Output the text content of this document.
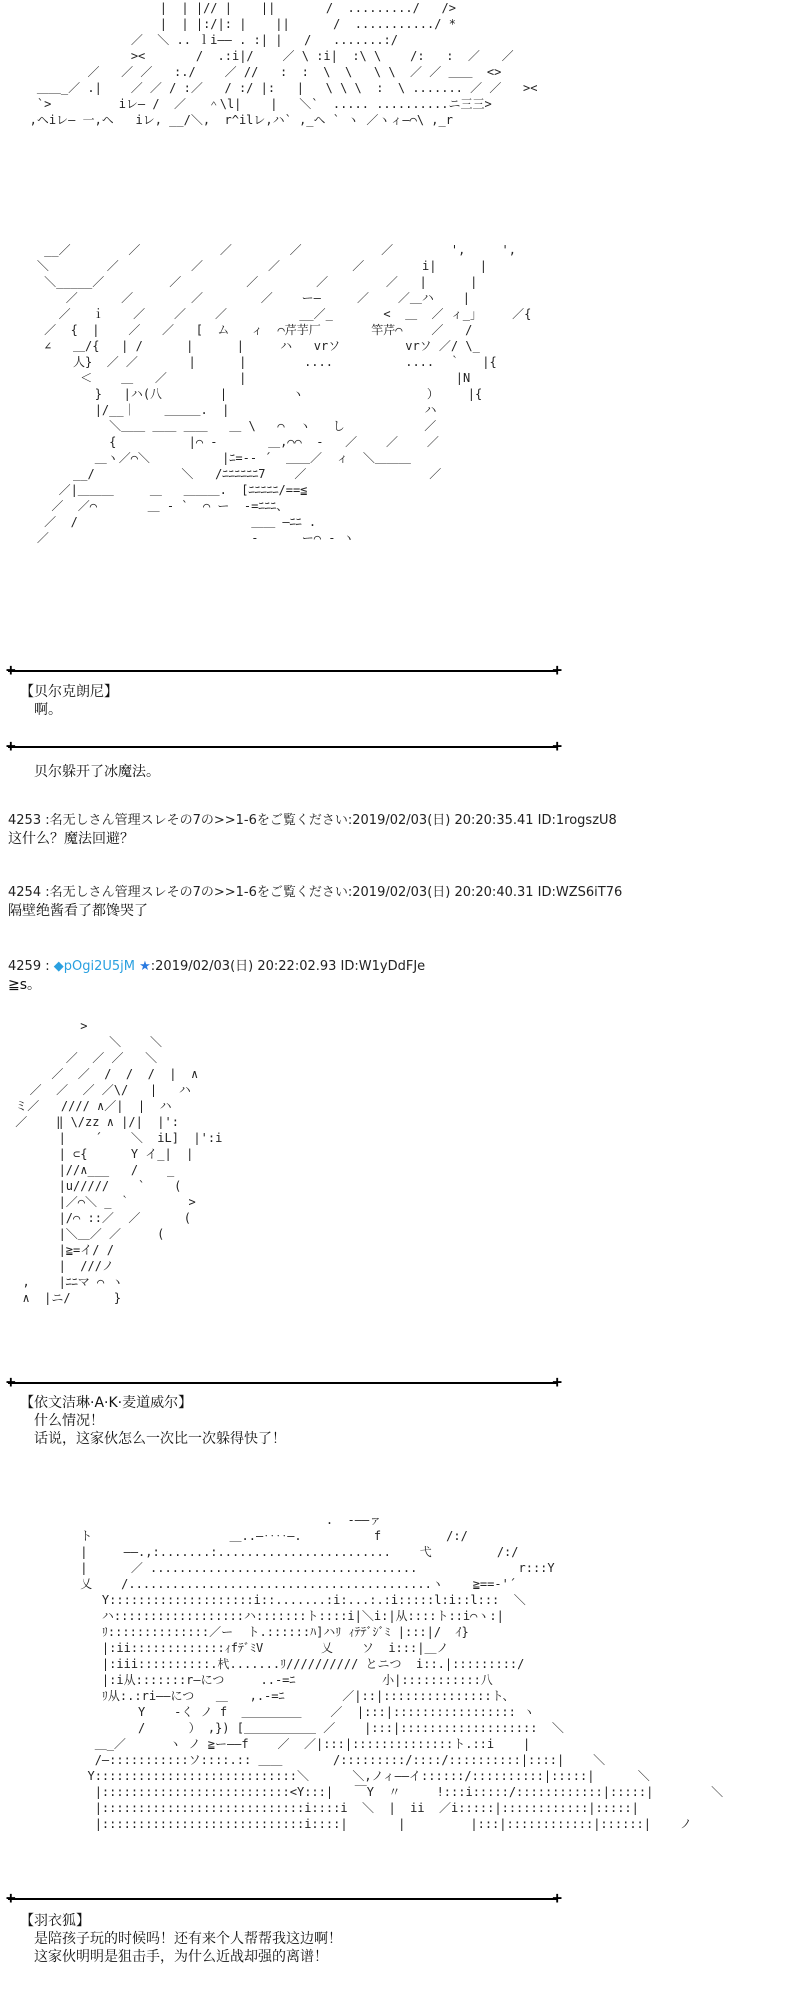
|  | |// |    ||       /  ........./   />
|  | |:/|: |    ||      /  .........../ *
／  ＼ .. ｌi―― . :| |   /   .......:/
><       /  .:i|/    ／ \ :i|  :\ \    /:   :  ／   ／
／   ／ ／   :./    ／ //   :  :  \  \   \ \  ／ ／ ＿＿  <>
＿＿_／ .|    ／ ／ / :／   / :/ |:   |   \ \ \  :  \ ....... ／ ／   ><
`> 　     　iレ― /  ／   ＾\l|    |   ＼`  ..... ..........ニ三三>
,ヘiレ― 一,ヘ   iレ, __/＼,  r^ilレ,ハ` ,_ヘ ` ヽ ／ヽィ―⌒\ ,_r

__／        ／           ／        ／           ／        ',     ',
＼        ／          ／         ／          ／        i|      |
＼_____／         ／         ／        ／        ／   |      |
／      ／        ／        ／    ー―     ／    ／＿ハ    |
／   ｉ    ／    ／    ／          __／_       <  ＿  ／ ィ_｣     ／{
／  {  |    ／   ／   [  ム   ィ  ⌒芹芋厂       竿芹⌒    ／   /
∠   ＿/{   | /      |      |     ハ   vrソ         vrソ ／/ \_
人}  ／ ／       |      |        ....          ....  ｀   |{
＜    ＿   ／          |                             |N
}   |ハ(八        |         ヽ                 ）    |{
|/__｜    ＿＿＿.  |                           ハ
＼＿＿ ＿＿ ＿＿   ＿ \   ⌒  ヽ   し           ／
{          |⌒ ‐       ＿,⌒⌒  ‐   ／    ／    ／
＿ヽ／⌒＼          |ﾆ=-‐ ´  ＿＿／  ィ  ＼＿＿＿
__/            ＼   /ﾆﾆﾆﾆﾆﾆ7    ／                 ／
／|＿＿＿     ＿   ＿＿＿.  [ﾆﾆﾆﾆﾆ/==≦
／  ／⌒       ＿ ‐ `  ⌒ ー  -=ﾆﾆﾆ、
／  /                        ＿＿ ―ﾆﾆ .
／                            -      ー⌒ ‐ ヽ
+	+
【贝尔克朗尼】
啊。
+	+
贝尔躲开了冰魔法。
4253 :名无しさん管理スレその7の>>1-6をご覧ください:2019/02/03(日) 20:20:35.41 ID:1rogszU8
这什么？魔法回避？
4254 :名无しさん管理スレその7の>>1-6をご覧ください:2019/02/03(日) 20:20:40.31 ID:WZS6iT76
隔壁绝酱看了都馋哭了
4259 : ◆pOgi2U5jM ★:2019/02/03(日) 20:22:02.93 ID:W1yDdFJe
≧s。
>
＼    ＼
／  ／ ／   ＼
／  ／  /  /  /  |  ∧
／  ／  ／ ／\/   |   ハ
ミ／   //// ∧／|  |  ハ
／    ‖ \/zz ∧ |/|  |':
|    ´    ＼  iL]  |':i
| ⊂{      Y イ_|  |
|//∧___   /    _
|u/////    `    (
|／⌒＼ _ ｀        >
|/⌒ ::／  ／      (
|＼＿／ ／     (
|≧=イ/ /
|  ///ノ
,    |ﾆﾆマ ⌒ ヽ
∧  |ニ/      }
+	+
【依文洁琳·A·K·麦道威尔】
什么情况！
话说，这家伙怎么一次比一次躲得快了！

.  -――ァ
ト                   ＿..―‥‥―.          f         /:/
|     ――.,:.......:........................    弋         /:/
|      ／ .....................................              r:::Y
乂    /..........................................ヽ    ≧==-'´
Y::::::::::::::::::::i::.......:i:...:.:i:::::l:i::l:::  ＼
ハ::::::::::::::::::ハ:::::::ト::::i|＼i:|从::::ト::i⌒ヽ:|
ﾘ::::::::::::::／ー  ト.::::::ﾊ]ハﾘ ｨﾃﾃﾞｼﾞﾐ |:::|/  ｲ}
|:ii:::::::::::::ｨfﾃﾞﾐV        乂    ソ  i:::|＿ノ
|:iii::::::::::.杙.......ﾘ////////// とニつ  i::.|:::::::::/
|:i从:::::::r―につ     ..-=ﾆ            小|:::::::::::八
ﾘ从:.:ri――につ   ＿   ,.-=ﾆ        ／|::|:::::::::::::::ト、
Y    -く ノ f  ＿＿＿＿＿    ／  |:::|::::::::::::::::: ヽ
/      ） ,}) [＿＿＿＿＿＿ ／    |:::|:::::::::::::::::::  ＼
＿_／      ヽ ノ ≧ー――f    ／  ／|:::|::::::::::::::ト.::i    |
/―:::::::::::ソ::::.:: ＿＿       /:::::::::/::::/::::::::::|::::|    ＼
Y::::::::::::::::::::::::::::＼      ＼,ノィ――イ::::::/::::::::::|:::::|      ＼
|::::::::::::::::::::::::::<Y:::|   ￣Y  〃     !:::i:::::/::::::::::::|:::::|        ＼
|::::::::::::::::::::::::::::i::::i  ＼  |  ii  ／i:::::|::::::::::::|:::::|
|::::::::::::::::::::::::::::i::::|       |         |:::|::::::::::::|::::::|    ノ
+	+
【羽衣狐】
是陪孩子玩的时候吗！还有来个人帮帮我这边啊！
这家伙明明是狙击手，为什么近战却强的离谱！
